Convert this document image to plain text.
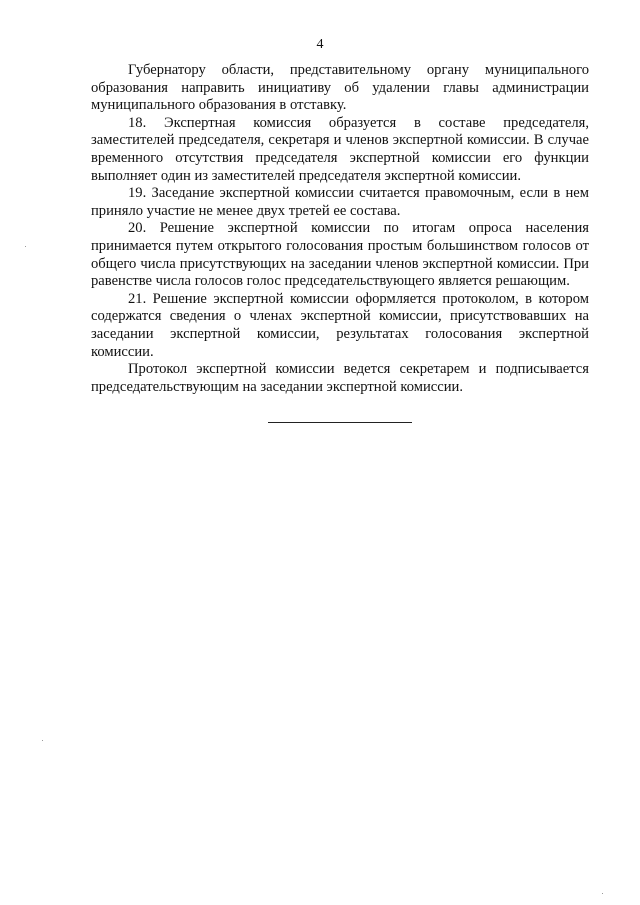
4

Губернатору области, представительному органу муниципального образования направить инициативу об удалении главы администрации муниципального образования в отставку.

18. Экспертная комиссия образуется в составе председателя, заместителей председателя, секретаря и членов экспертной комиссии. В случае временного отсутствия председателя экспертной комиссии его функции выполняет один из заместителей председателя экспертной комиссии.

19. Заседание экспертной комиссии считается правомочным, если в нем приняло участие не менее двух третей ее состава.

20. Решение экспертной комиссии по итогам опроса населения принимается путем открытого голосования простым большинством голосов от общего числа присутствующих на заседании членов экспертной комиссии. При равенстве числа голосов голос председательствующего является решающим.

21. Решение экспертной комиссии оформляется протоколом, в котором содержатся сведения о членах экспертной комиссии, присутствовавших на заседании экспертной комиссии, результатах голосования экспертной комиссии.

Протокол экспертной комиссии ведется секретарем и подписывается председательствующим на заседании экспертной комиссии.
